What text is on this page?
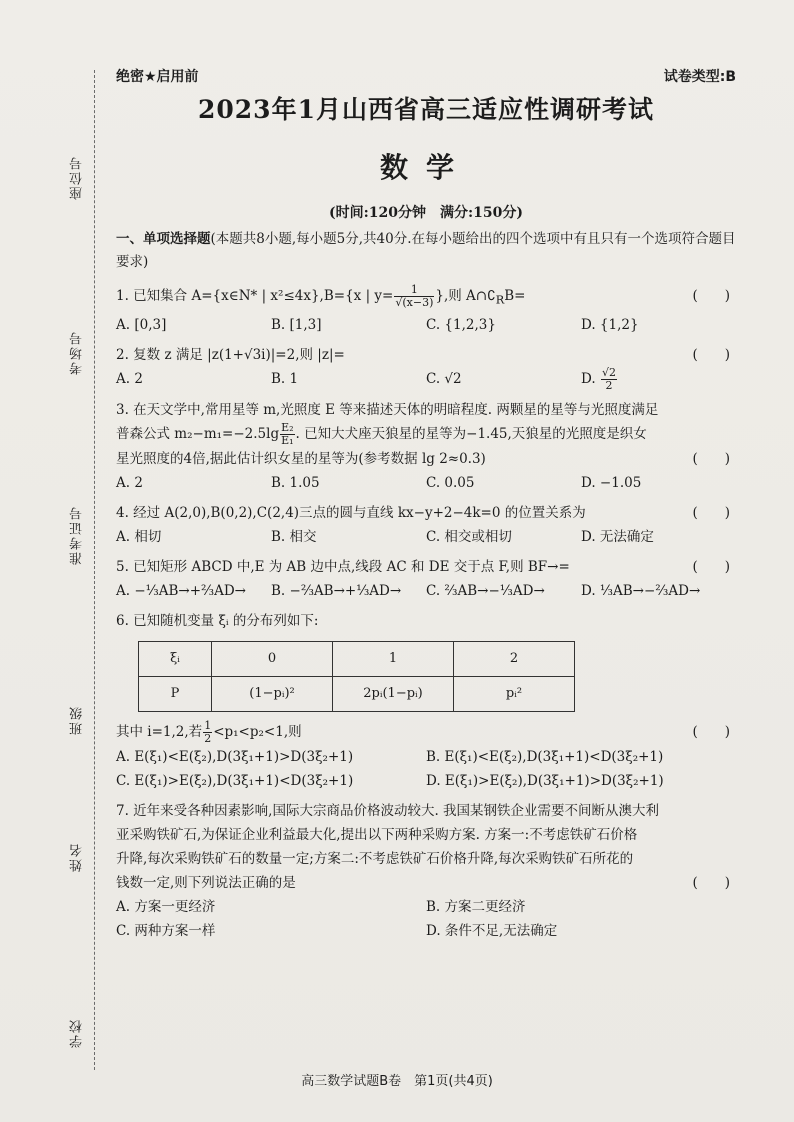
座位号
考场号
准考证号
班级
姓名
学校
绝密★启用前	试卷类型:B
2023年1月山西省高三适应性调研考试
数学
(时间:120分钟　满分:150分)
一、单项选择题(本题共8小题,每小题5分,共40分.在每小题给出的四个选项中有且只有一个选项符合题目要求)
1. 已知集合 A={x∈N* | x²≤4x},B={x | $y= \frac{1}{√(x-3)}$ },则 $A\cap∁_RB=$	(　　)
A. [0,3]	B. [1,3]	C. {1,2,3}	D. {1,2}
2. 复数 z 满足 |z(1+√3i)|=2,则 |z|=	(　　)
A. 2	B. 1	C. √2	D. $\frac{√2}{2}$
3. 在天文学中,常用星等 m,光照度 E 等来描述天体的明暗程度. 两颗星的星等与光照度满足
普森公式 $m_2-m_1=-2.5\lg \frac{\text{E₂}}{\text{E₁}}$ . 已知大犬座天狼星的星等为−1.45,天狼星的光照度是织女
星光照度的4倍,据此估计织女星的星等为(参考数据 lg 2≈0.3)	(　　)
A. 2	B. 1.05	C. 0.05	D. −1.05
4. 经过 A(2,0),B(0,2),C(2,4)三点的圆与直线 kx−y+2−4k=0 的位置关系为	(　　)
A. 相切	B. 相交	C. 相交或相切	D. 无法确定
5. 已知矩形 ABCD 中,E 为 AB 边中点,线段 AC 和 DE 交于点 F,则 BF→=	(　　)
A. −⅓AB→+⅔AD→	B. −⅔AB→+⅓AD→	C. ⅔AB→−⅓AD→	D. ⅓AB→−⅔AD→
6. 已知随机变量 ξᵢ 的分布列如下:
ξᵢ	0	1	2
P	(1−pᵢ)²	2pᵢ(1−pᵢ)	pᵢ²
其中 i=1,2,若 $\frac{1}{2} <p_1<p_2<1$,则	(　　)
A. E(ξ₁)<E(ξ₂),D(3ξ₁+1)>D(3ξ₂+1)	B. E(ξ₁)<E(ξ₂),D(3ξ₁+1)<D(3ξ₂+1)
C. E(ξ₁)>E(ξ₂),D(3ξ₁+1)<D(3ξ₂+1)	D. E(ξ₁)>E(ξ₂),D(3ξ₁+1)>D(3ξ₂+1)
7. 近年来受各种因素影响,国际大宗商品价格波动较大. 我国某钢铁企业需要不间断从澳大利
亚采购铁矿石,为保证企业利益最大化,提出以下两种采购方案. 方案一:不考虑铁矿石价格
升降,每次采购铁矿石的数量一定;方案二:不考虑铁矿石价格升降,每次采购铁矿石所花的
钱数一定,则下列说法正确的是	(　　)
A. 方案一更经济	B. 方案二更经济
C. 两种方案一样	D. 条件不足,无法确定
高三数学试题B卷　第1页(共4页)
